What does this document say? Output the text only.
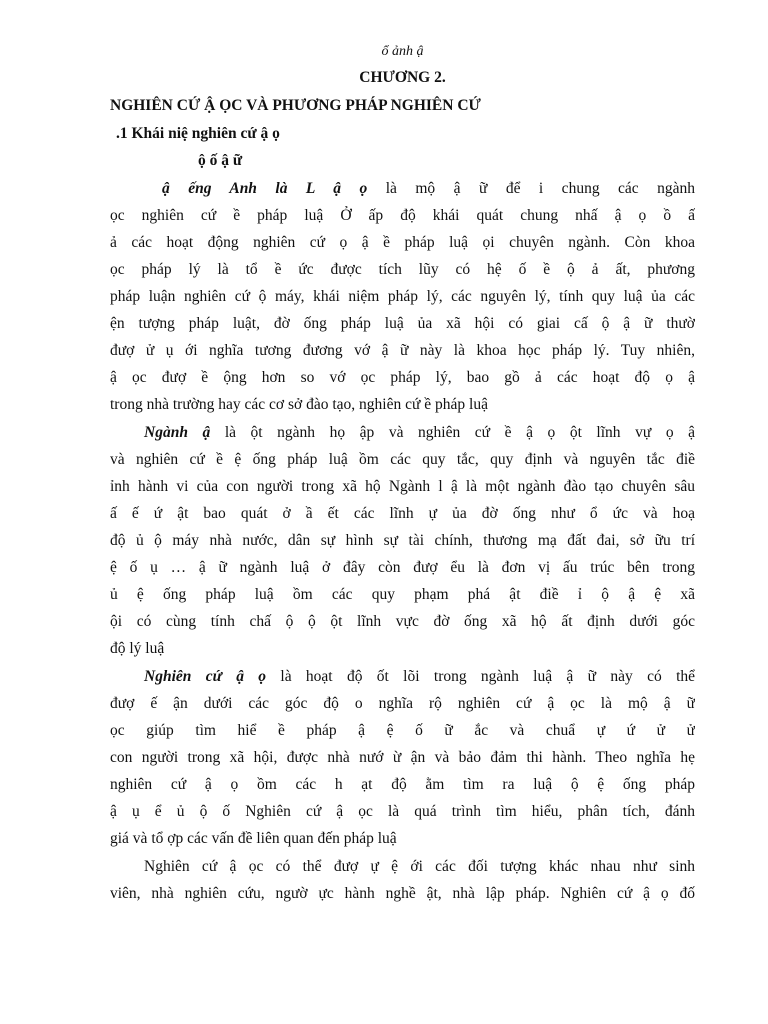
ổ ảnh ậ
CHƯƠNG 2.
NGHIÊN CỨ Ậ ỌC VÀ PHƯƠNG PHÁP NGHIÊN CỨ
.1 Khái niệ nghiên cứ ậ ọ
ộ ố ậ ữ
ậ ếng Anh là L ậ ọ là mộ ậ ữ để i chung các ngành
ọc nghiên cứ ề pháp luậ Ở ấp độ khái quát chung nhấ ậ ọ ồ ấ
ả các hoạt động nghiên cứ ọ ậ ề pháp luậ ọi chuyên ngành. Còn khoa
ọc pháp lý là tổ ề ức được tích lũy có hệ ố ề ộ ả ất, phương
pháp luận nghiên cứ ộ máy, khái niệm pháp lý, các nguyên lý, tính quy luậ ủa các
ện tượng pháp luật, đờ ống pháp luậ ủa xã hội có giai cấ ộ ậ ữ thườ
đượ ử ụ ới nghĩa tương đương vớ ậ ữ này là khoa học pháp lý. Tuy nhiên,
ậ ọc đượ ề ộng hơn so vớ ọc pháp lý, bao gồ ả các hoạt độ ọ ậ
trong nhà trường hay các cơ sở đào tạo, nghiên cứ ề pháp luậ
Ngành ậ là ột ngành họ ập và nghiên cứ ề ậ ọ ột lĩnh vự ọ ậ
và nghiên cứ ề ệ ống pháp luậ ồm các quy tắc, quy định và nguyên tắc điề
ỉnh hành vi của con người trong xã hộ Ngành l ậ là một ngành đào tạo chuyên sâu
ấ ế ứ ật bao quát ở ầ ết các lĩnh ự ủa đờ ống như ổ ức và hoạ
độ ủ ộ máy nhà nước, dân sự hình sự tài chính, thương mạ đất đai, sở ữu trí
ệ ố ụ … ậ ữ ngành luậ ở đây còn đượ ểu là đơn vị ấu trúc bên trong
ủ ệ ống pháp luậ ồm các quy phạm phá ật điề ỉ ộ ậ ệ xã
ội có cùng tính chấ ộ ộ ột lĩnh vực đờ ống xã hộ ất định dưới góc
độ lý luậ
Nghiên cứ ậ ọ là hoạt độ ốt lõi trong ngành luậ ậ ữ này có thể
đượ ế ận dưới các góc độ o nghĩa rộ nghiên cứ ậ ọc là mộ ậ ữ
ọc giúp tìm hiể ề pháp ậ ệ ố ữ ắc và chuẩ ự ứ ử ử
con người trong xã hội, được nhà nướ ừ ận và bảo đảm thi hành. Theo nghĩa hẹ
nghiên cứ ậ ọ ồm các h ạt độ ằm tìm ra luậ ộ ệ ống pháp
ậ ụ ể ủ ộ ố Nghiên cứ ậ ọc là quá trình tìm hiểu, phân tích, đánh
giá và tổ ợp các vấn đề liên quan đến pháp luậ
Nghiên cứ ậ ọc có thể đượ ự ệ ới các đối tượng khác nhau như sinh
viên, nhà nghiên cứu, ngườ ực hành nghề ật, nhà lập pháp. Nghiên cứ ậ ọ đố
